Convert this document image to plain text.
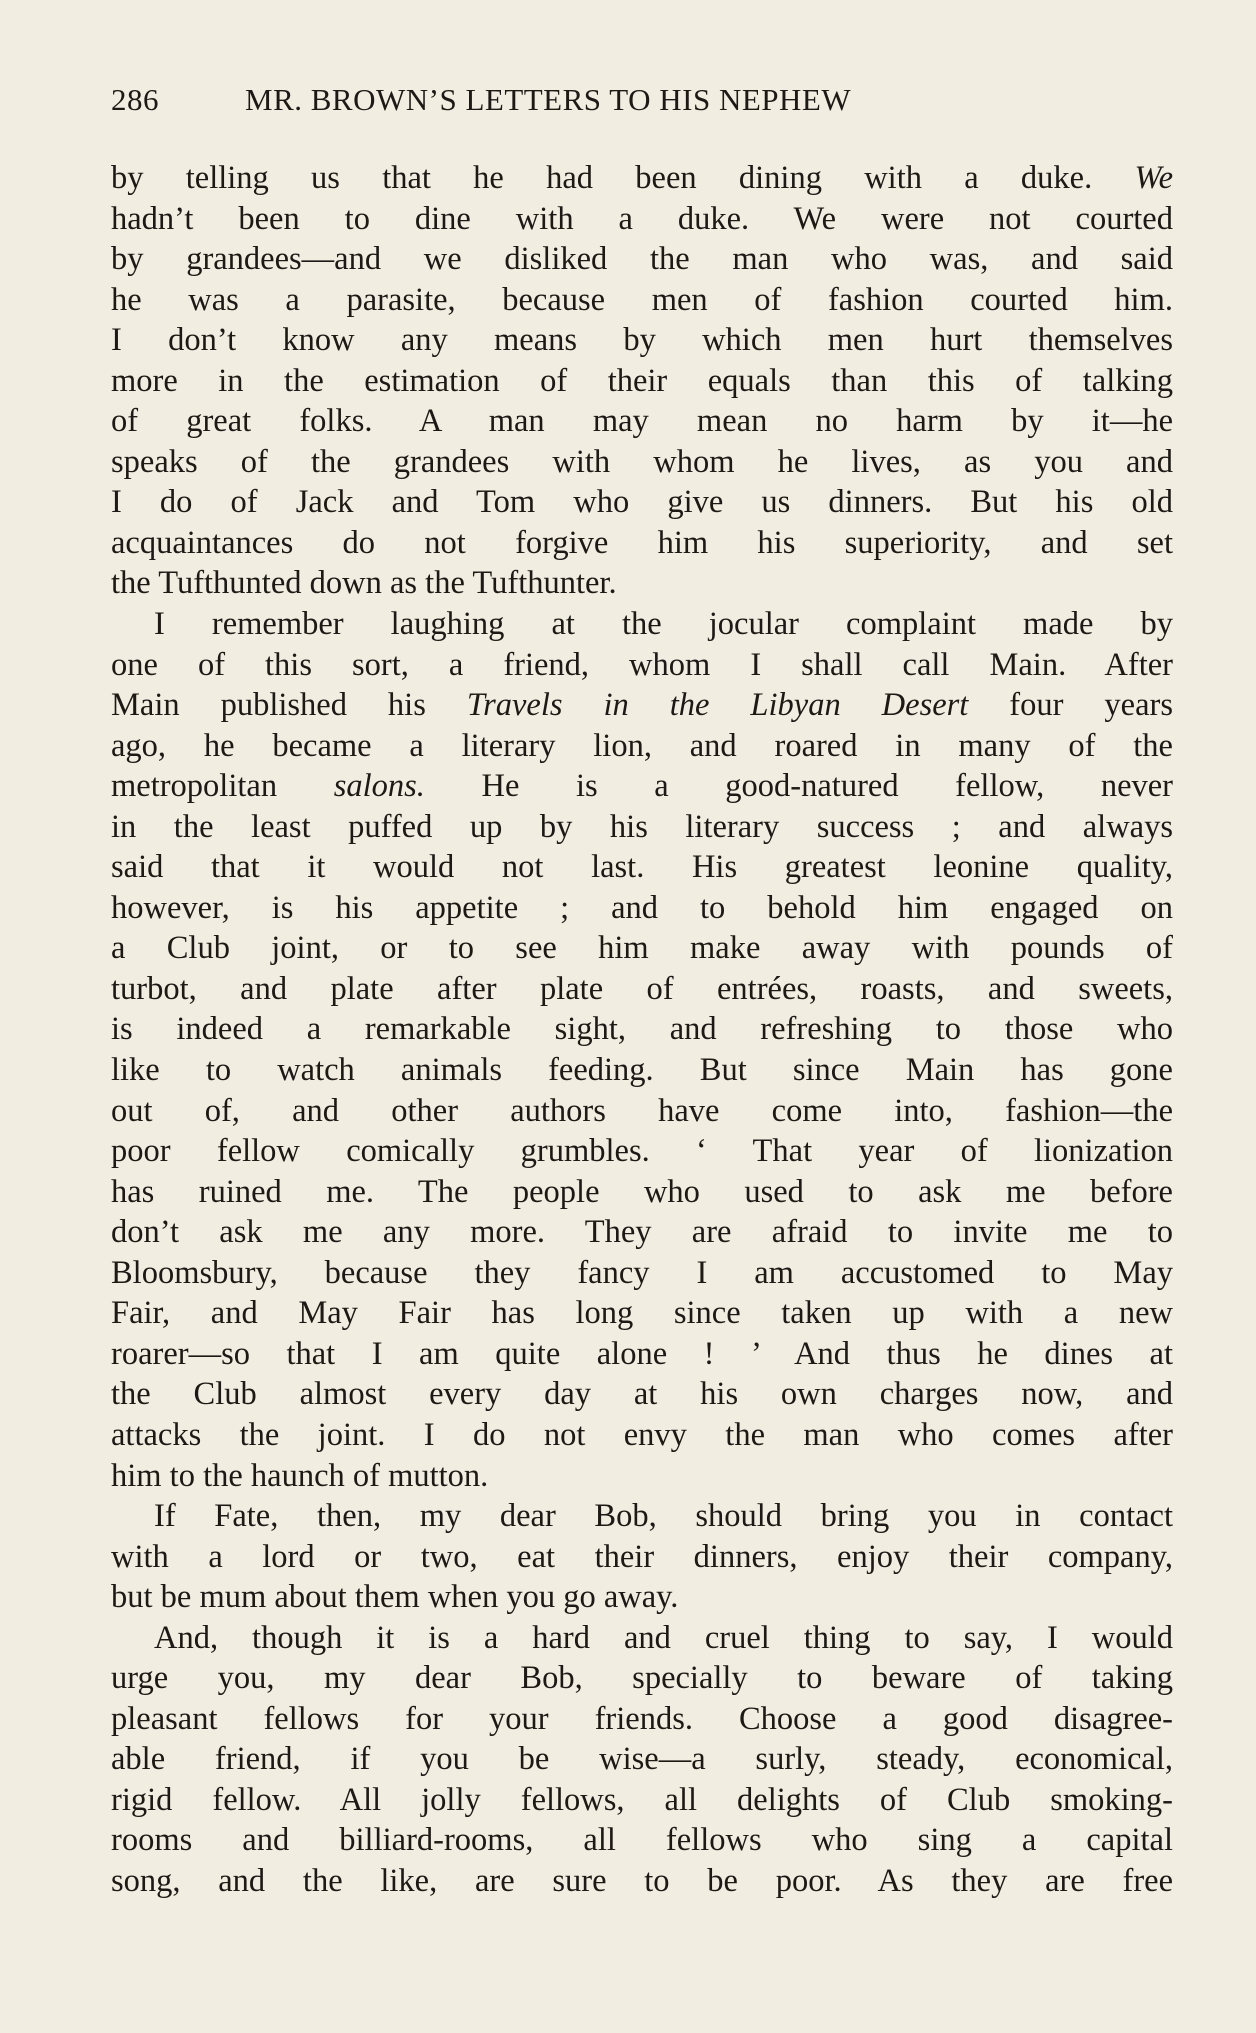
286	MR. BROWN’S LETTERS TO HIS NEPHEW
by telling us that he had been dining with a duke. We
hadn’t been to dine with a duke. We were not courted
by grandees—and we disliked the man who was, and said
he was a parasite, because men of fashion courted him.
I don’t know any means by which men hurt themselves
more in the estimation of their equals than this of talking
of great folks. A man may mean no harm by it—he
speaks of the grandees with whom he lives, as you and
I do of Jack and Tom who give us dinners. But his old
acquaintances do not forgive him his superiority, and set
the Tufthunted down as the Tufthunter.
I remember laughing at the jocular complaint made by
one of this sort, a friend, whom I shall call Main. After
Main published his Travels in the Libyan Desert four years
ago, he became a literary lion, and roared in many of the
metropolitan salons. He is a good-natured fellow, never
in the least puffed up by his literary success ; and always
said that it would not last. His greatest leonine quality,
however, is his appetite ; and to behold him engaged on
a Club joint, or to see him make away with pounds of
turbot, and plate after plate of entrées, roasts, and sweets,
is indeed a remarkable sight, and refreshing to those who
like to watch animals feeding. But since Main has gone
out of, and other authors have come into, fashion—the
poor fellow comically grumbles. ‘ That year of lionization
has ruined me. The people who used to ask me before
don’t ask me any more. They are afraid to invite me to
Bloomsbury, because they fancy I am accustomed to May
Fair, and May Fair has long since taken up with a new
roarer—so that I am quite alone ! ’ And thus he dines at
the Club almost every day at his own charges now, and
attacks the joint. I do not envy the man who comes after
him to the haunch of mutton.
If Fate, then, my dear Bob, should bring you in contact
with a lord or two, eat their dinners, enjoy their company,
but be mum about them when you go away.
And, though it is a hard and cruel thing to say, I would
urge you, my dear Bob, specially to beware of taking
pleasant fellows for your friends. Choose a good disagree-
able friend, if you be wise—a surly, steady, economical,
rigid fellow. All jolly fellows, all delights of Club smoking-
rooms and billiard-rooms, all fellows who sing a capital
song, and the like, are sure to be poor. As they are free
